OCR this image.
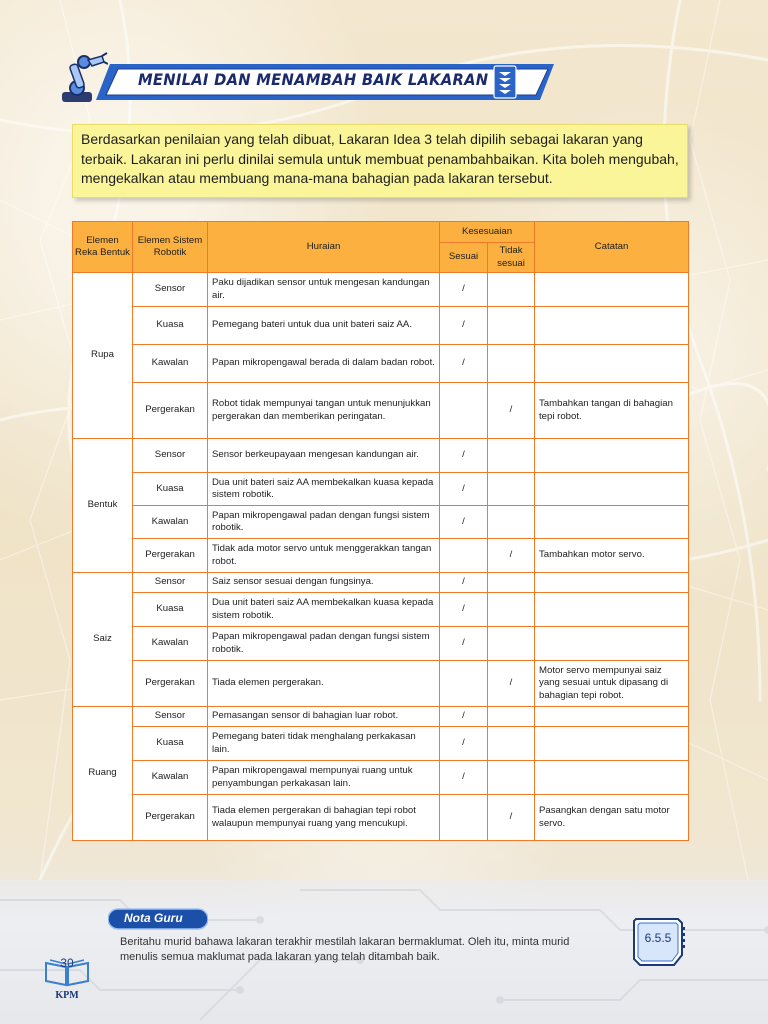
MENILAI DAN MENAMBAH BAIK LAKARAN
Berdasarkan penilaian yang telah dibuat, Lakaran Idea 3 telah dipilih sebagai lakaran yang terbaik. Lakaran ini perlu dinilai semula untuk membuat penambahbaikan. Kita boleh mengubah, mengekalkan atau membuang mana-mana bahagian pada lakaran tersebut.
Elemen Reka Bentuk	Elemen Sistem Robotik	Huraian	Kesesuaian		Catatan
			Sesuai	Tidak sesuai	
Rupa	Sensor	Paku dijadikan sensor untuk mengesan kandungan air.	/		
	Kuasa	Pemegang bateri untuk dua unit bateri saiz AA.	/		
	Kawalan	Papan mikropengawal berada di dalam badan robot.	/		
	Pergerakan	Robot tidak mempunyai tangan untuk menunjukkan pergerakan dan memberikan peringatan.		/	Tambahkan tangan di bahagian tepi robot.
Bentuk	Sensor	Sensor berkeupayaan mengesan kandungan air.	/		
	Kuasa	Dua unit bateri saiz AA membekalkan kuasa kepada sistem robotik.	/		
	Kawalan	Papan mikropengawal padan dengan fungsi sistem robotik.	/		
	Pergerakan	Tidak ada motor servo untuk menggerakkan tangan robot.		/	Tambahkan motor servo.
Saiz	Sensor	Saiz sensor sesuai dengan fungsinya.	/		
	Kuasa	Dua unit bateri saiz AA membekalkan kuasa kepada sistem robotik.	/		
	Kawalan	Papan mikropengawal padan dengan fungsi sistem robotik.	/		
	Pergerakan	Tiada elemen pergerakan.		/	Motor servo mempunyai saiz yang sesuai untuk dipasang di bahagian tepi robot.
Ruang	Sensor	Pemasangan sensor di bahagian luar robot.	/		
	Kuasa	Pemegang bateri tidak menghalang perkakasan lain.	/		
	Kawalan	Papan mikropengawal mempunyai ruang untuk penyambungan perkakasan lain.	/		
	Pergerakan	Tiada elemen pergerakan di bahagian tepi robot walaupun mempunyai ruang yang mencukupi.		/	Pasangkan dengan satu motor servo.
Nota Guru
Beritahu murid bahawa lakaran terakhir mestilah lakaran bermaklumat. Oleh itu, minta murid menulis semua maklumat pada lakaran yang telah ditambah baik.
6.5.5
30
KPM
